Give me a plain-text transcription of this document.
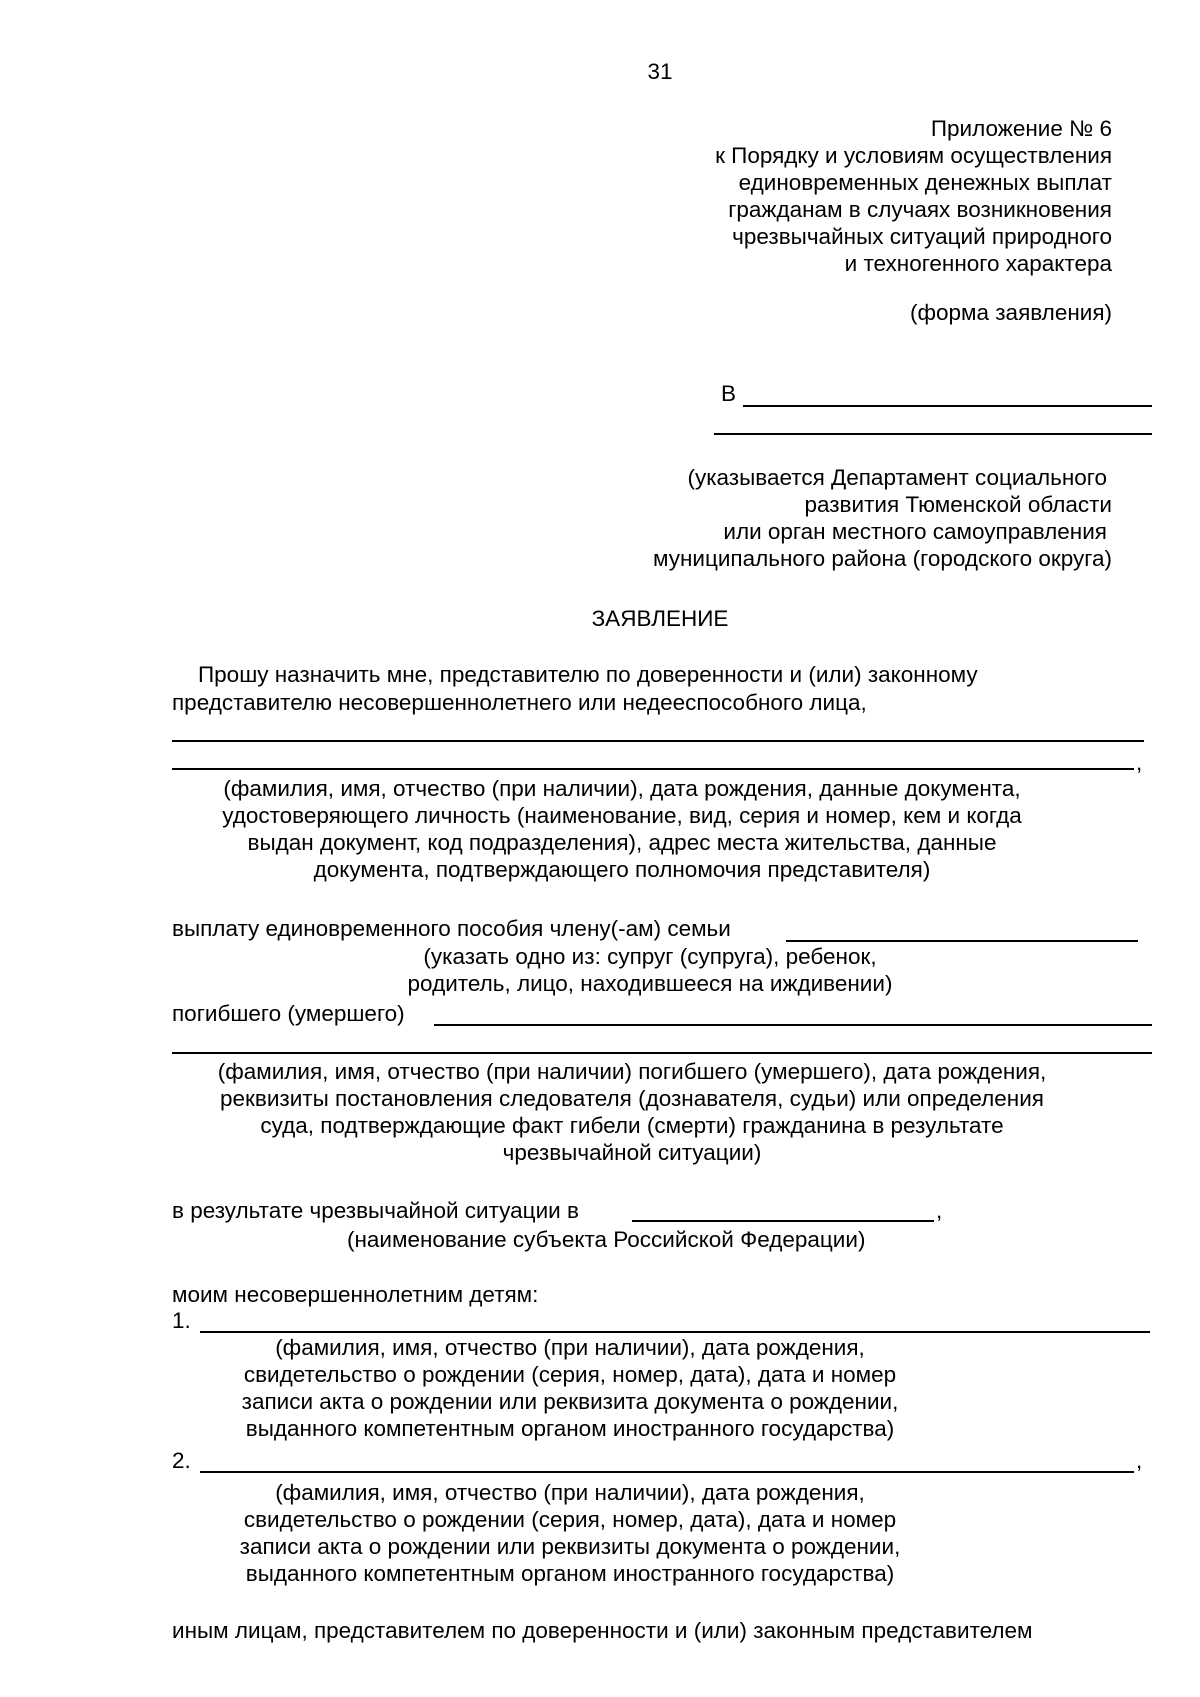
31
Приложение № 6
к Порядку и условиям осуществления
единовременных денежных выплат
гражданам в случаях возникновения
чрезвычайных ситуаций природного
и техногенного характера
(форма заявления)
В
(указывается Департамент социального
развития Тюменской области
или орган местного самоуправления
муниципального района (городского округа)
ЗАЯВЛЕНИЕ
Прошу назначить мне, представителю по доверенности и (или) законному
представителю несовершеннолетнего или недееспособного лица,
,
(фамилия, имя, отчество (при наличии), дата рождения, данные документа,
удостоверяющего личность (наименование, вид, серия и номер, кем и когда
выдан документ, код подразделения), адрес места жительства, данные
документа, подтверждающего полномочия представителя)
выплату единовременного пособия члену(-ам) семьи
(указать одно из: супруг (супруга), ребенок,
родитель, лицо, находившееся на иждивении)
погибшего (умершего)
(фамилия, имя, отчество (при наличии) погибшего (умершего), дата рождения,
реквизиты постановления следователя (дознавателя, судьи) или определения
суда, подтверждающие факт гибели (смерти) гражданина в результате
чрезвычайной ситуации)
в результате чрезвычайной ситуации в	,
(наименование субъекта Российской Федерации)
моим несовершеннолетним детям:
1.
(фамилия, имя, отчество (при наличии), дата рождения,
свидетельство о рождении (серия, номер, дата), дата и номер
записи акта о рождении или реквизита документа о рождении,
выданного компетентным органом иностранного государства)
2.	,
(фамилия, имя, отчество (при наличии), дата рождения,
свидетельство о рождении (серия, номер, дата), дата и номер
записи акта о рождении или реквизиты документа о рождении,
выданного компетентным органом иностранного государства)
иным лицам, представителем по доверенности и (или) законным представителем
